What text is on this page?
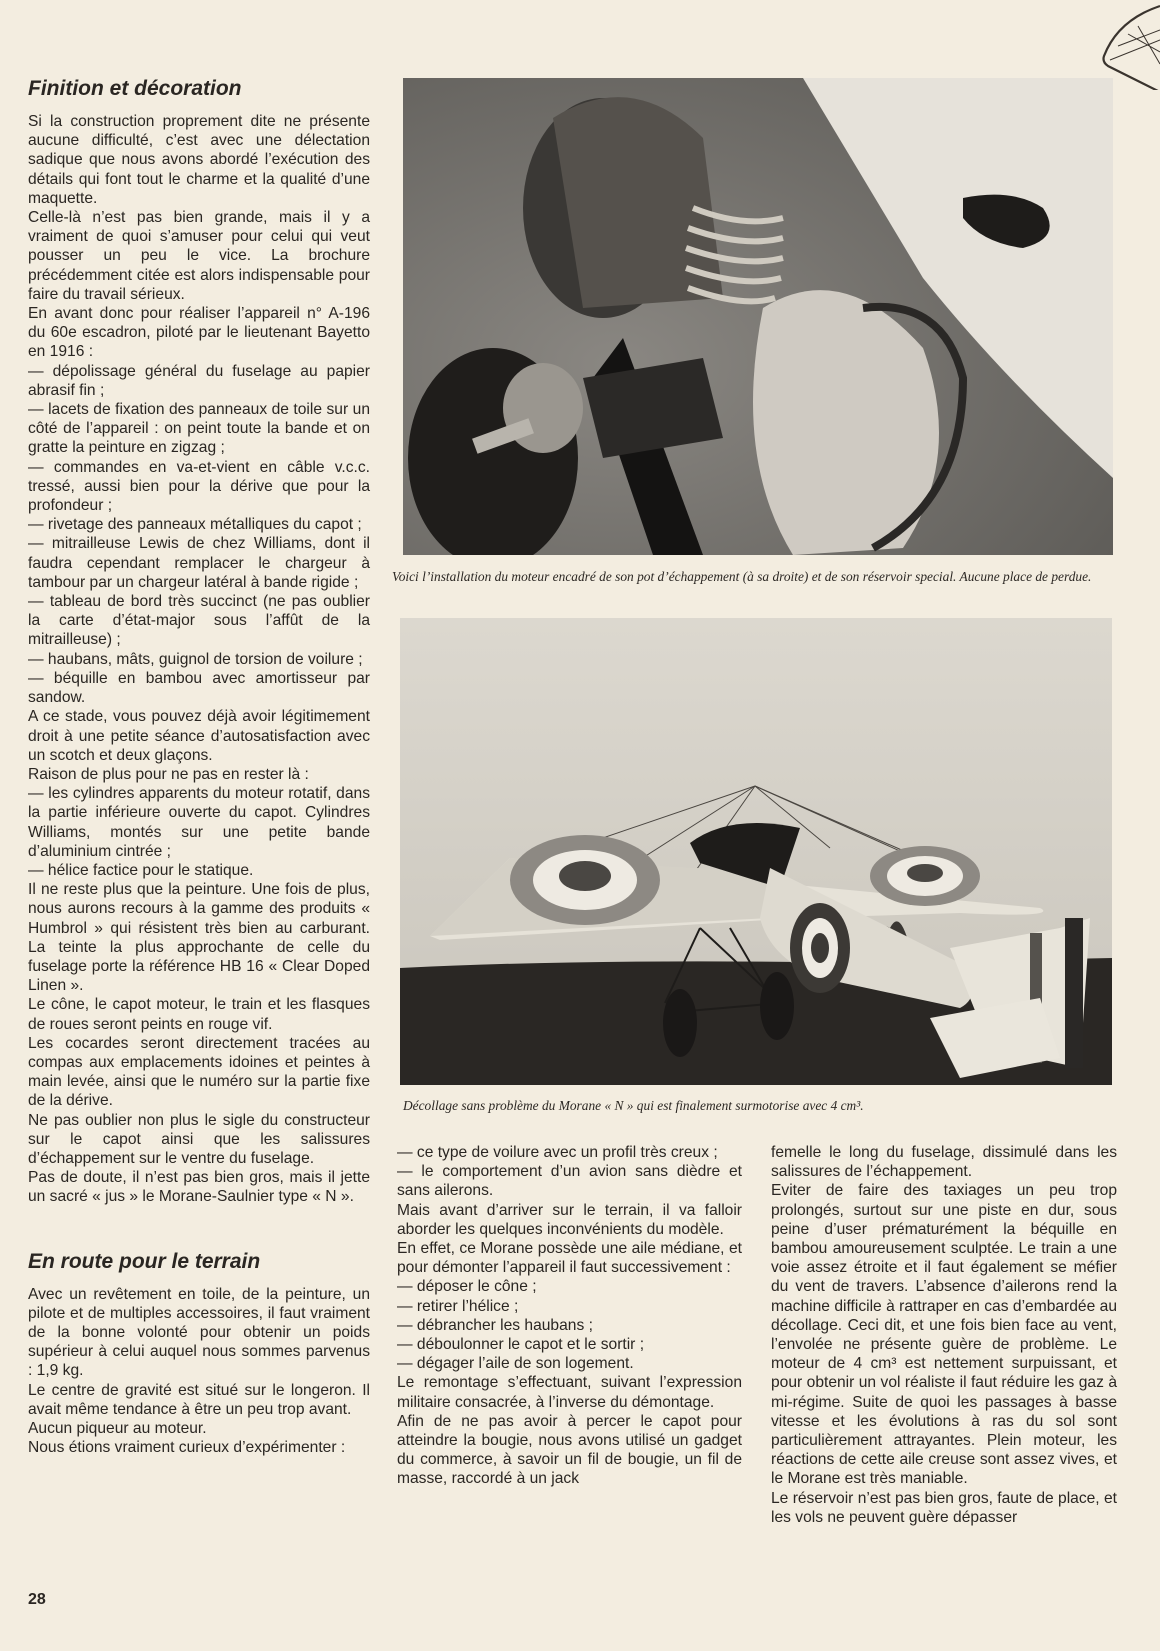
Finition et décoration

Si la construction proprement dite ne présente aucune difficulté, c’est avec une délectation sadique que nous avons abordé l’exécution des détails qui font tout le charme et la qualité d’une maquette.

Celle-là n’est pas bien grande, mais il y a vraiment de quoi s’amuser pour celui qui veut pousser un peu le vice. La brochure précédemment citée est alors indispensable pour faire du travail sérieux.

En avant donc pour réaliser l’appareil n° A-196 du 60e escadron, piloté par le lieutenant Bayetto en 1916 :

— dépolissage général du fuselage au papier abrasif fin ;

— lacets de fixation des panneaux de toile sur un côté de l’appareil : on peint toute la bande et on gratte la peinture en zigzag ;

— commandes en va-et-vient en câble v.c.c. tressé, aussi bien pour la dérive que pour la profondeur ;

— rivetage des panneaux métalliques du capot ;

— mitrailleuse Lewis de chez Williams, dont il faudra cependant remplacer le chargeur à tambour par un chargeur latéral à bande rigide ;

— tableau de bord très succinct (ne pas oublier la carte d’état-major sous l’affût de la mitrailleuse) ;

— haubans, mâts, guignol de torsion de voilure ;

— béquille en bambou avec amortisseur par sandow.

A ce stade, vous pouvez déjà avoir légitimement droit à une petite séance d’autosatisfaction avec un scotch et deux glaçons.

Raison de plus pour ne pas en rester là :

— les cylindres apparents du moteur rotatif, dans la partie inférieure ouverte du capot. Cylindres Williams, montés sur une petite bande d’aluminium cintrée ;

— hélice factice pour le statique.

Il ne reste plus que la peinture. Une fois de plus, nous aurons recours à la gamme des produits « Humbrol » qui résistent très bien au carburant. La teinte la plus approchante de celle du fuselage porte la référence HB 16 « Clear Doped Linen ».

Le cône, le capot moteur, le train et les flasques de roues seront peints en rouge vif.

Les cocardes seront directement tracées au compas aux emplacements idoines et peintes à main levée, ainsi que le numéro sur la partie fixe de la dérive.

Ne pas oublier non plus le sigle du constructeur sur le capot ainsi que les salissures d’échappement sur le ventre du fuselage.

Pas de doute, il n’est pas bien gros, mais il jette un sacré « jus » le Morane-Saulnier type « N ».

En route pour le terrain

Avec un revêtement en toile, de la peinture, un pilote et de multiples accessoires, il faut vraiment de la bonne volonté pour obtenir un poids supérieur à celui auquel nous sommes parvenus : 1,9 kg.

Le centre de gravité est situé sur le longeron. Il avait même tendance à être un peu trop avant.

Aucun piqueur au moteur.

Nous étions vraiment curieux d’expérimenter :

Voici l’installation du moteur encadré de son pot d’échappement (à sa droite) et de son réservoir special. Aucune place de perdue.
Décollage sans problème du Morane « N » qui est finalement surmotorise avec 4 cm³.

— ce type de voilure avec un profil très creux ;

— le comportement d’un avion sans dièdre et sans ailerons.

Mais avant d’arriver sur le terrain, il va falloir aborder les quelques inconvénients du modèle.

En effet, ce Morane possède une aile médiane, et pour démonter l’appareil il faut successivement :

— déposer le cône ;

— retirer l’hélice ;

— débrancher les haubans ;

— déboulonner le capot et le sortir ;

— dégager l’aile de son logement.

Le remontage s’effectuant, suivant l’expression militaire consacrée, à l’inverse du démontage.

Afin de ne pas avoir à percer le capot pour atteindre la bougie, nous avons utilisé un gadget du commerce, à savoir un fil de bougie, un fil de masse, raccordé à un jack

femelle le long du fuselage, dissimulé dans les salissures de l’échappement.

Eviter de faire des taxiages un peu trop prolongés, surtout sur une piste en dur, sous peine d’user prématurément la béquille en bambou amoureusement sculptée. Le train a une voie assez étroite et il faut également se méfier du vent de travers. L’absence d’ailerons rend la machine difficile à rattraper en cas d’embardée au décollage. Ceci dit, et une fois bien face au vent, l’envolée ne présente guère de problème. Le moteur de 4 cm³ est nettement surpuissant, et pour obtenir un vol réaliste il faut réduire les gaz à mi-régime. Suite de quoi les passages à basse vitesse et les évolutions à ras du sol sont particulièrement attrayantes. Plein moteur, les réactions de cette aile creuse sont assez vives, et le Morane est très maniable.

Le réservoir n’est pas bien gros, faute de place, et les vols ne peuvent guère dépasser

28
